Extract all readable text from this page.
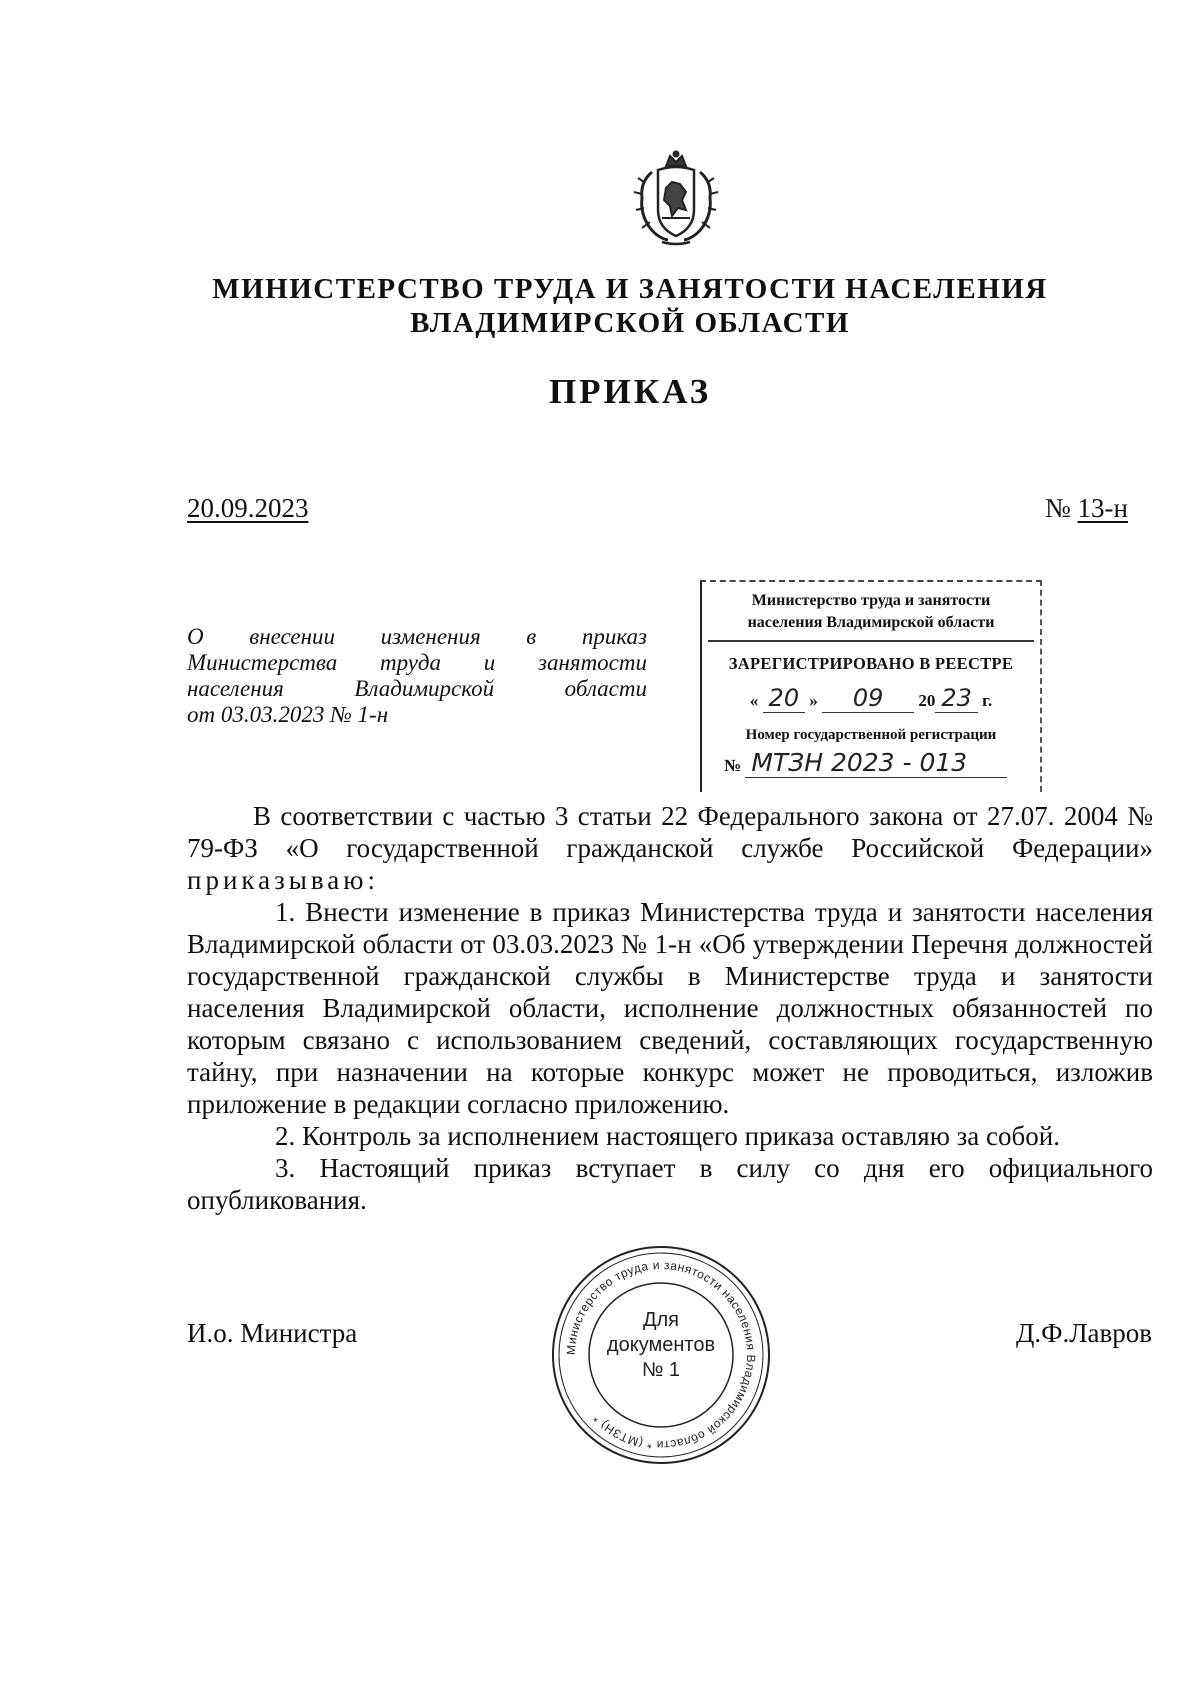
МИНИСТЕРСТВО ТРУДА И ЗАНЯТОСТИ НАСЕЛЕНИЯ
ВЛАДИМИРСКОЙ ОБЛАСТИ
ПРИКАЗ
20.09.2023	№ 13-н
О внесении изменения в приказ
Министерства труда и занятости
населения Владимирской области
от 03.03.2023 № 1-н
Министерство труда и занятости
населения Владимирской области
ЗАРЕГИСТРИРОВАНО В РЕЕСТРЕ
« 20 » 09 20 23 г.
Номер государственной регистрации
№ МТЗН 2023 - 013

В соответствии с частью 3 статьи 22 Федерального закона от 27.07. 2004 № 79-ФЗ «О государственной гражданской службе Российской Федерации» приказываю:

1. Внести изменение в приказ Министерства труда и занятости населения Владимирской области от 03.03.2023 № 1-н «Об утверждении Перечня должностей государственной гражданской службы в Министерстве труда и занятости населения Владимирской области, исполнение должностных обязанностей по которым связано с использованием сведений, составляющих государственную тайну, при назначении на которые конкурс может не проводиться, изложив приложение в редакции согласно приложению.

2. Контроль за исполнением настоящего приказа оставляю за собой.

3. Настоящий приказ вступает в силу со дня его официального опубликования.

И.о. Министра	Д.Ф.Лавров
Министерство труда и занятости населения Владимирской области * (МТЗН) *
Для
документов
№ 1
